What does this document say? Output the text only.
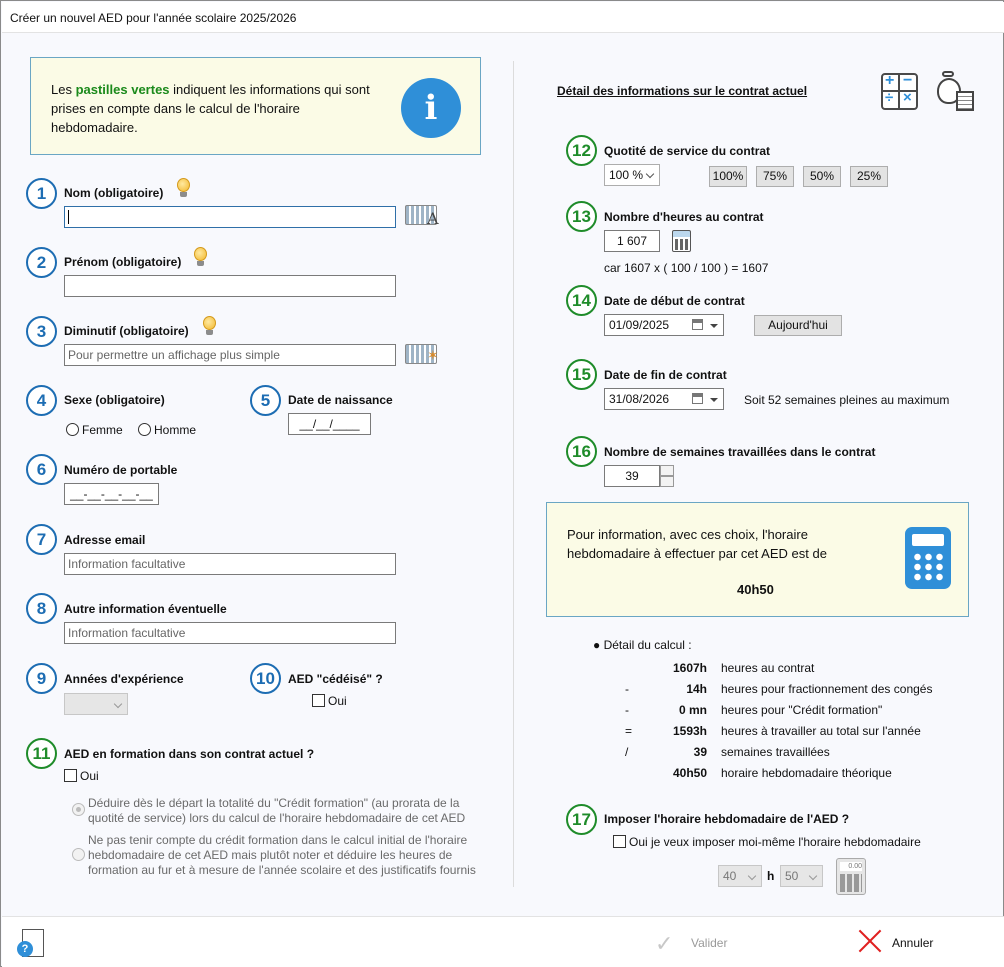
Créer un nouvel AED pour l'année scolaire 2025/2026
Les pastilles vertes indiquent les informations qui sont prises en compte dans le calcul de l'horaire hebdomadaire.	i
1	Nom (obligatoire)
A
2	Prénom (obligatoire)
3	Diminutif (obligatoire)
Pour permettre un affichage plus simple	✶
4	Sexe (obligatoire)
Femme	Homme
5	Date de naissance
__/__/____
6	Numéro de portable
__-__-__-__-__
7	Adresse email
Information facultative
8	Autre information éventuelle
Information facultative
9	Années d'expérience	10	AED "cédéisé" ?
Oui
11	AED en formation dans son contrat actuel ?
Oui
Déduire dès le départ la totalité du "Crédit formation" (au prorata de la
quotité de service) lors du calcul de l'horaire hebdomadaire de cet AED
Ne pas tenir compte du crédit formation dans le calcul initial de l'horaire
hebdomadaire de cet AED mais plutôt noter et déduire les heures de
formation au fur et à mesure de l'année scolaire et des justificatifs fournis
Détail des informations sur le contrat actuel
+ −
÷ ×
12	Quotité de service du contrat
100 %	100%	75%	50%	25%
13	Nombre d'heures au contrat
1 607
car 1607 x ( 100 / 100 ) = 1607
14	Date de début de contrat
01/09/2025	Aujourd'hui
15	Date de fin de contrat
31/08/2026	Soit 52 semaines pleines au maximum
16	Nombre de semaines travaillées dans le contrat
39
Pour information, avec ces choix, l'horaire
hebdomadaire à effectuer par cet AED est de
40h50
● Détail du calcul :
1607h heures au contrat
-	14h heures pour fractionnement des congés
-	0 mn heures pour "Crédit formation"
=	1593h heures à travailler au total sur l'année
/	39 semaines travaillées
40h50 horaire hebdomadaire théorique
17	Imposer l'horaire hebdomadaire de l'AED ?
Oui je veux imposer moi-même l'horaire hebdomadaire
40	h 50
0.00
?	✓ Valider	Annuler
